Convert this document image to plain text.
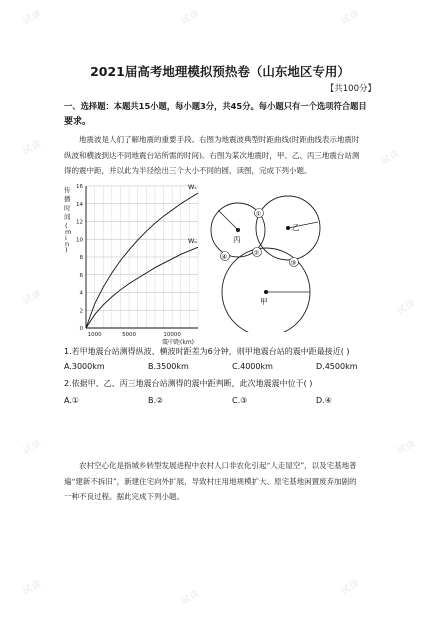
试读	试读	试读
试读
试读
试读
试读
试读	试读
试读
试读
试读
2021届高考地理模拟预热卷（山东地区专用）
【共100分】
一、选择题：本题共15小题，每小题3分，共45分。每小题只有一个选项符合题目
要求。
地震波是人们了解地震的重要手段。右图为地震波典型时距曲线(时距曲线表示地震时
纵波和横波到达不同地震台站所需的时间)。右图为某次地震时，甲、乙、丙三地震台站测
得的震中距，并以此为半径绘出三个大小不同的圆，读图，完成下列小题。
传播时间( m i n )
0
2
4
6
8
10
12
14
16
1000	5000	10000
Wₛ
Wₚ
震中距(km)
丙
乙
甲
①
②
③
④
1.若甲地震台站测得纵波、横波时距差为6分钟，则甲地震台站的震中距最接近( )
A.3000km	B.3500km	C.4000km	D.4500km
2.依据甲、乙、丙三地震台站测得的震中距判断，此次地震震中位于( )
A.①	B.②	C.③	D.④
农村空心化是指城乡转型发展进程中农村人口非农化引起“人走屋空”，以及宅基地普
遍“建新不拆旧”，新建住宅向外扩展，导致村庄用地规模扩大、原宅基地闲置废弃加剧的
一种不良过程。据此完成下列小题。
